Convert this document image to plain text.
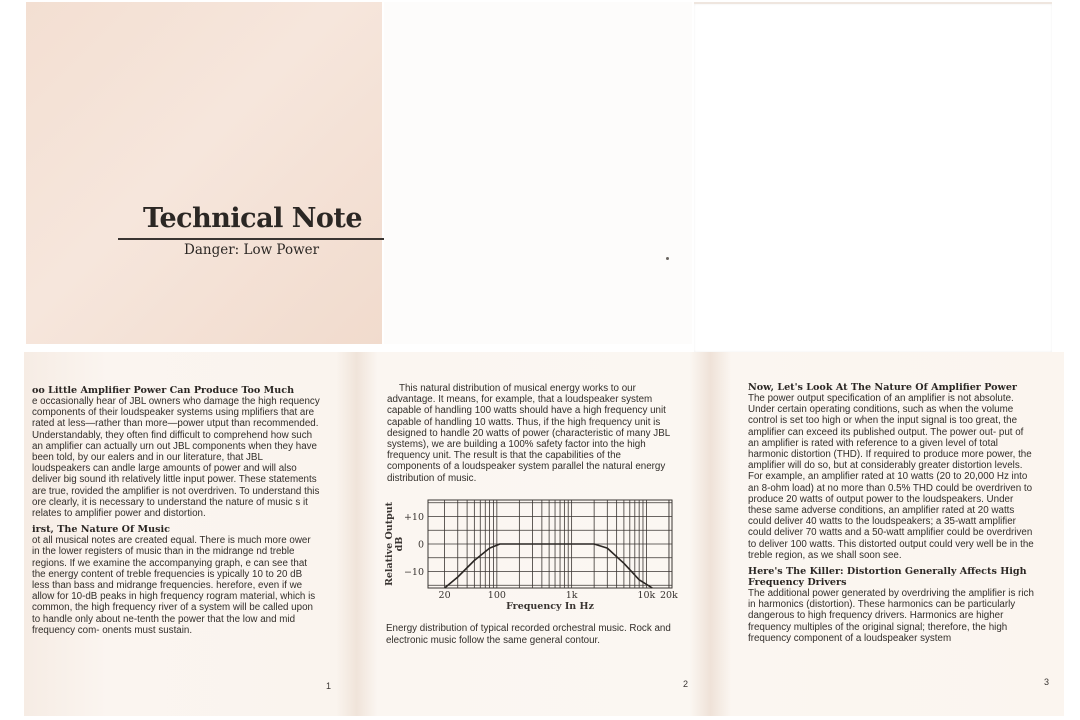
Technical Note
Danger: Low Power
oo Little Amplifier Power Can Produce Too Much

e occasionally hear of JBL owners who damage the high requency components of their loudspeaker systems using mplifiers that are rated at less—rather than more—power utput than recommended. Understandably, they often find difficult to comprehend how such an amplifier can actually urn out JBL components when they have been told, by our ealers and in our literature, that JBL loudspeakers can andle large amounts of power and will also deliver big sound ith relatively little input power. These statements are true, rovided the amplifier is not overdriven. To understand this ore clearly, it is necessary to understand the nature of music s it relates to amplifier power and distortion.

irst, The Nature Of Music

ot all musical notes are created equal. There is much more ower in the lower registers of music than in the midrange nd treble regions. If we examine the accompanying graph, e can see that the energy content of treble frequencies is ypically 10 to 20 dB less than bass and midrange frequencies. herefore, even if we allow for 10-dB peaks in high frequency rogram material, which is common, the high frequency river of a system will be called upon to handle only about ne-tenth the power that the low and mid frequency com- onents must sustain.

1

This natural distribution of musical energy works to our advantage. It means, for example, that a loudspeaker system capable of handling 100 watts should have a high frequency unit capable of handling 10 watts. Thus, if the high frequency unit is designed to handle 20 watts of power (characteristic of many JBL systems), we are building a 100% safety factor into the high frequency unit. The result is that the capabilities of the components of a loudspeaker system parallel the natural energy distribution of music.

20	100	1k	10k 20k
+10
0
−10
Frequency In Hz
Relative Output dB
Energy distribution of typical recorded orchestral music. Rock and electronic music follow the same general contour.
2
Now, Let's Look At The Nature Of Amplifier Power

The power output specification of an amplifier is not absolute. Under certain operating conditions, such as when the volume control is set too high or when the input signal is too great, the amplifier can exceed its published output. The power out- put of an amplifier is rated with reference to a given level of total harmonic distortion (THD). If required to produce more power, the amplifier will do so, but at considerably greater distortion levels. For example, an amplifier rated at 10 watts (20 to 20,000 Hz into an 8-ohm load) at no more than 0.5% THD could be overdriven to produce 20 watts of output power to the loudspeakers. Under these same adverse conditions, an amplifier rated at 20 watts could deliver 40 watts to the loudspeakers; a 35-watt amplifier could deliver 70 watts and a 50-watt amplifier could be overdriven to deliver 100 watts. This distorted output could very well be in the treble region, as we shall soon see.

Here's The Killer: Distortion Generally Affects High Frequency Drivers

The additional power generated by overdriving the amplifier is rich in harmonics (distortion). These harmonics can be particularly dangerous to high frequency drivers. Harmonics are higher frequency multiples of the original signal; therefore, the high frequency component of a loudspeaker system

3
